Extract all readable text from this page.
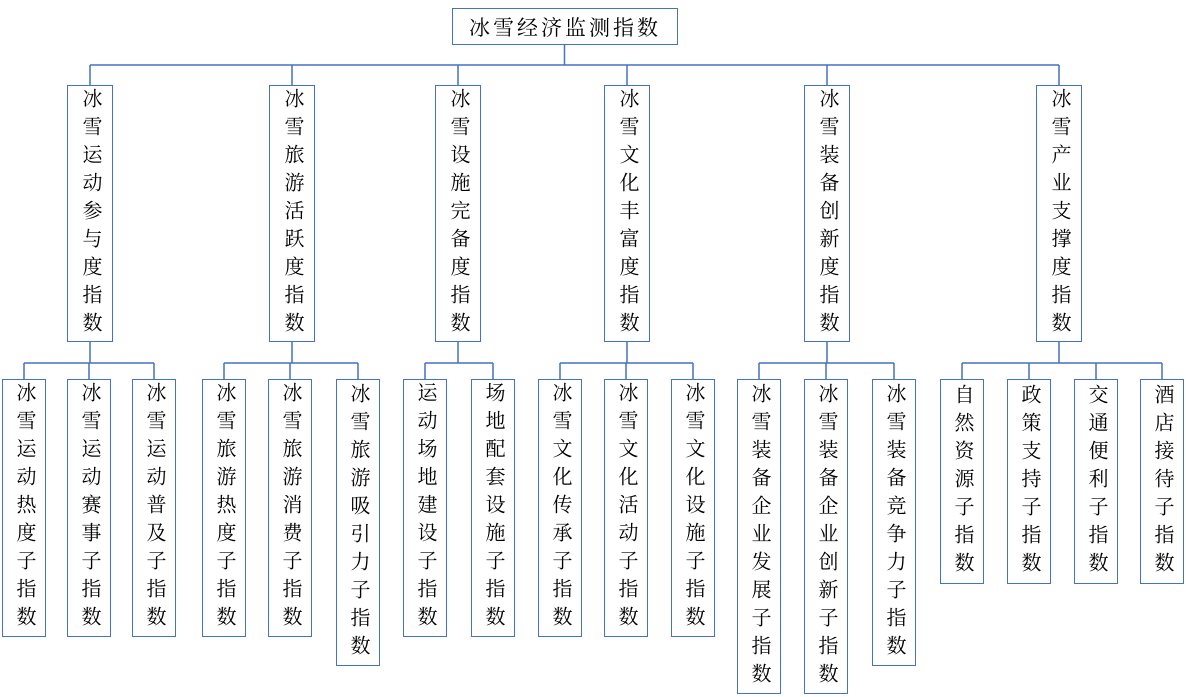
冰雪经济监测指数
冰雪运动参与度指数	冰雪旅游活跃度指数	冰雪设施完备度指数	冰雪文化丰富度指数	冰雪装备创新度指数	冰雪产业支撑度指数
冰雪运动热度子指数	冰雪运动赛事子指数	冰雪运动普及子指数	冰雪旅游热度子指数	冰雪旅游消费子指数	冰雪旅游吸引力子指数	运动场地建设子指数	场地配套设施子指数	冰雪文化传承子指数	冰雪文化活动子指数	冰雪文化设施子指数	冰雪装备企业发展子指数	冰雪装备企业创新子指数	冰雪装备竞争力子指数	自然资源子指数	政策支持子指数	交通便利子指数	酒店接待子指数
